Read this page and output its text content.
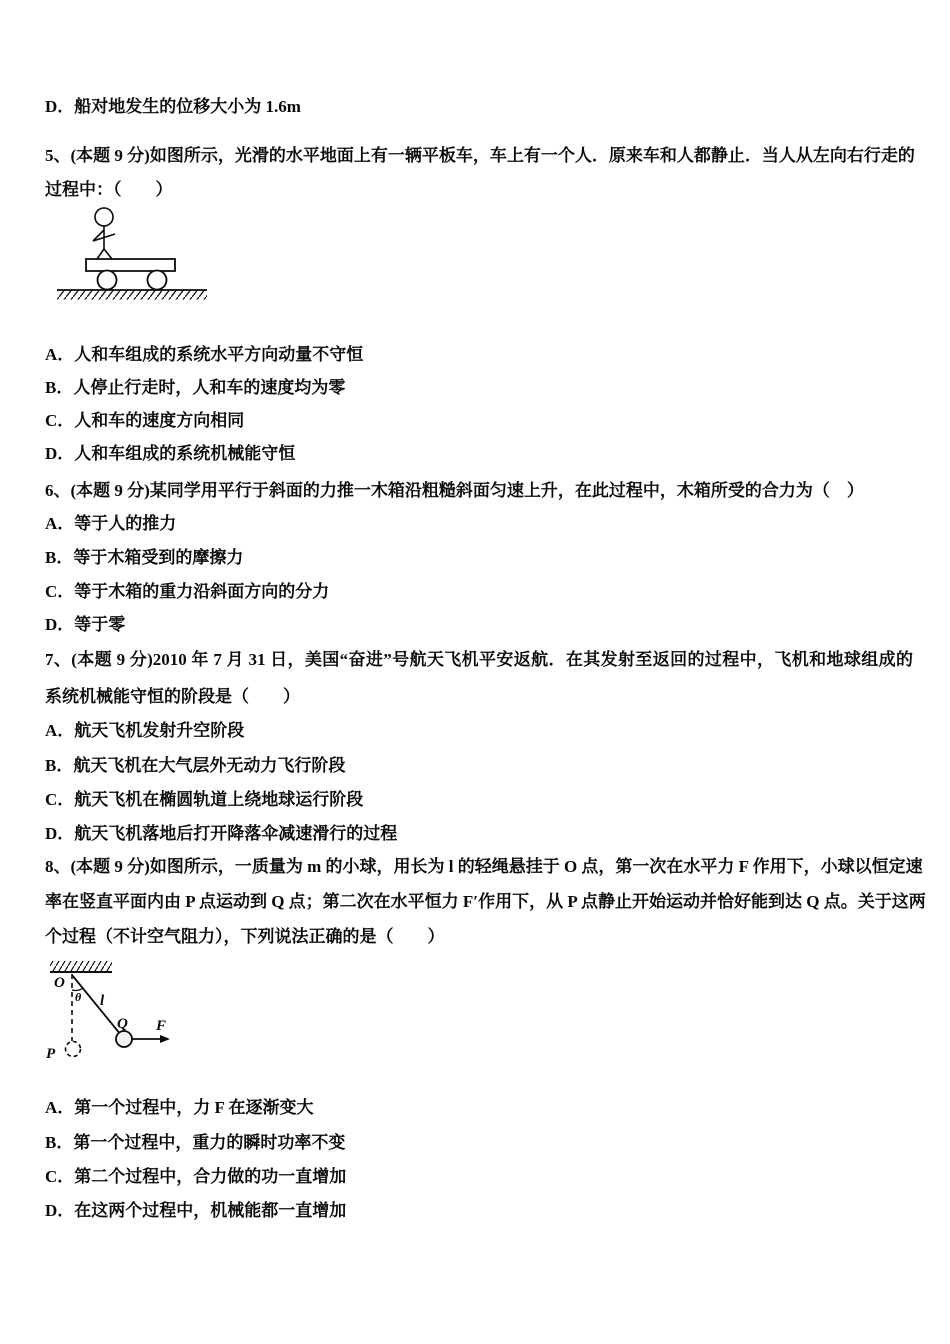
D．船对地发生的位移大小为 1.6m
5、(本题 9 分)如图所示，光滑的水平地面上有一辆平板车，车上有一个人．原来车和人都静止．当人从左向右行走的
过程中：（　　）
A．人和车组成的系统水平方向动量不守恒
B．人停止行走时，人和车的速度均为零
C．人和车的速度方向相同
D．人和车组成的系统机械能守恒
6、(本题 9 分)某同学用平行于斜面的力推一木箱沿粗糙斜面匀速上升，在此过程中，木箱所受的合力为（　）
A．等于人的推力
B．等于木箱受到的摩擦力
C．等于木箱的重力沿斜面方向的分力
D．等于零
7、(本题 9 分)2010 年 7 月 31 日，美国“奋进”号航天飞机平安返航．在其发射至返回的过程中，飞机和地球组成的
系统机械能守恒的阶段是（　　）
A．航天飞机发射升空阶段
B．航天飞机在大气层外无动力飞行阶段
C．航天飞机在椭圆轨道上绕地球运行阶段
D．航天飞机落地后打开降落伞减速滑行的过程
8、(本题 9 分)如图所示，一质量为 m 的小球，用长为 l 的轻绳悬挂于 O 点，第一次在水平力 F 作用下，小球以恒定速
率在竖直平面内由 P 点运动到 Q 点；第二次在水平恒力 F′作用下，从 P 点静止开始运动并恰好能到达 Q 点。关于这两
个过程（不计空气阻力），下列说法正确的是（　　）
O
P
θ l
Q F
A．第一个过程中，力 F 在逐渐变大
B．第一个过程中，重力的瞬时功率不变
C．第二个过程中，合力做的功一直增加
D．在这两个过程中，机械能都一直增加
